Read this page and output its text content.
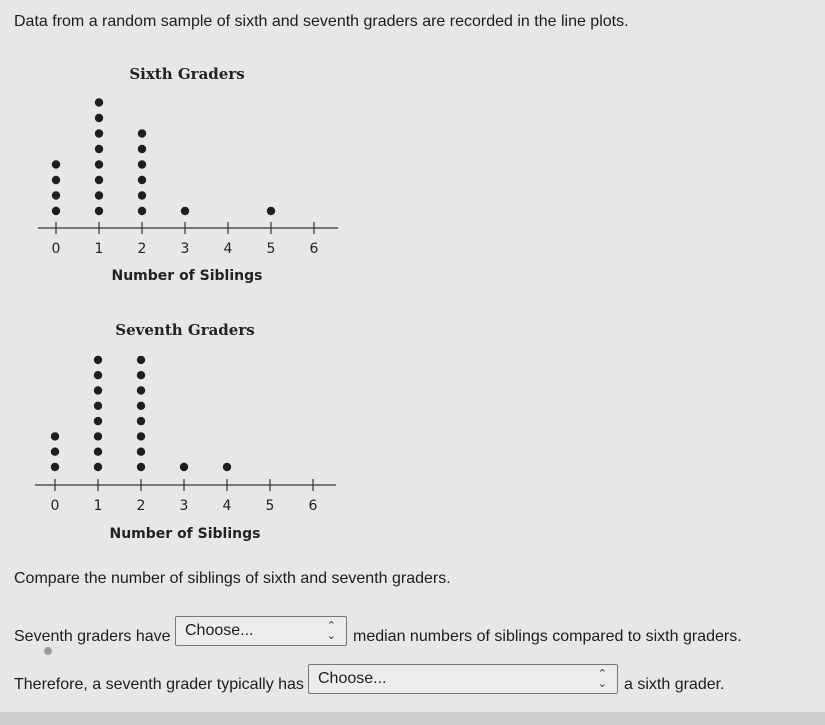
Data from a random sample of sixth and seventh graders are recorded in the line plots.
Sixth Graders
Number of Siblings
0 1 2 3 4 5 6
Seventh Graders
Number of Siblings
0 1 2 3 4 5 6
Compare the number of siblings of sixth and seventh graders.
Seventh graders have Choose...	⌃
⌄ median numbers of siblings compared to sixth graders.
Therefore, a seventh grader typically has Choose...	⌃
⌄ a sixth grader.
